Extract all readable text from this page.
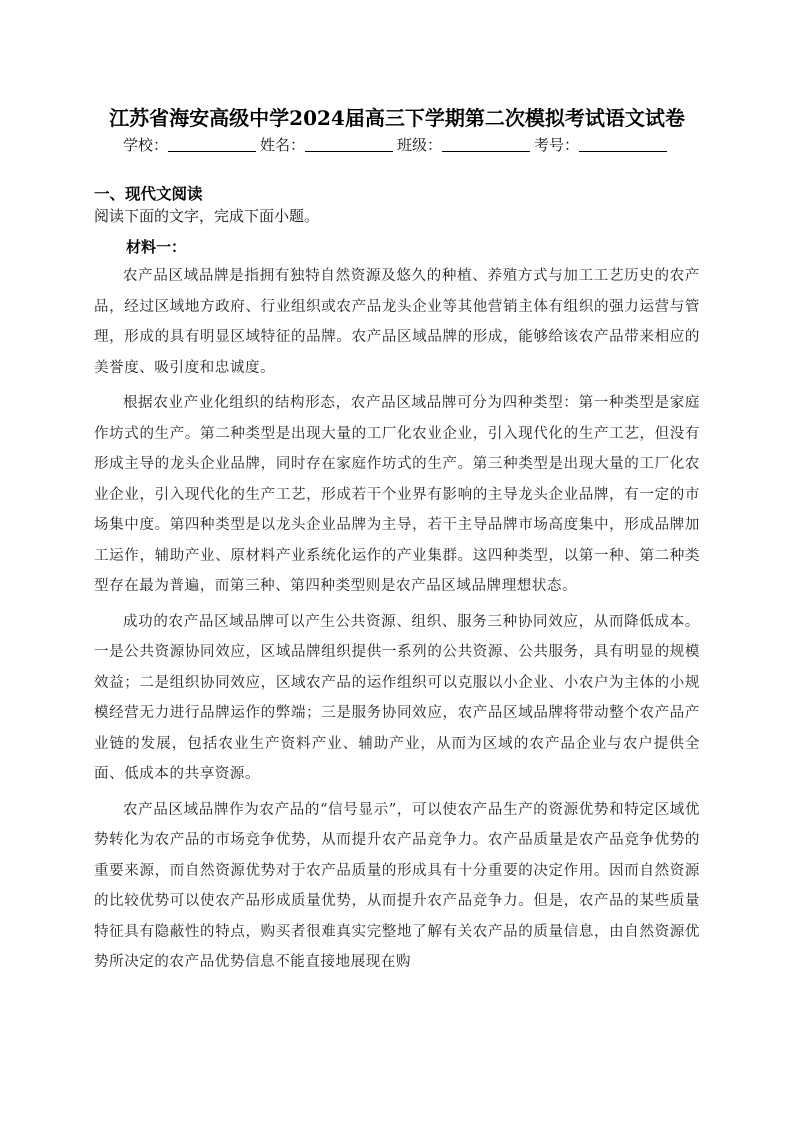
江苏省海安高级中学2024届高三下学期第二次模拟考试语文试卷
学校：	姓名：	班级：	考号：
一、现代文阅读
阅读下面的文字，完成下面小题。
材料一：

农产品区域品牌是指拥有独特自然资源及悠久的种植、养殖方式与加工工艺历史的农产品，经过区域地方政府、行业组织或农产品龙头企业等其他营销主体有组织的强力运营与管理，形成的具有明显区域特征的品牌。农产品区域品牌的形成，能够给该农产品带来相应的美誉度、吸引度和忠诚度。

根据农业产业化组织的结构形态，农产品区域品牌可分为四种类型：第一种类型是家庭作坊式的生产。第二种类型是出现大量的工厂化农业企业，引入现代化的生产工艺，但没有形成主导的龙头企业品牌，同时存在家庭作坊式的生产。第三种类型是出现大量的工厂化农业企业，引入现代化的生产工艺，形成若干个业界有影响的主导龙头企业品牌，有一定的市场集中度。第四种类型是以龙头企业品牌为主导，若干主导品牌市场高度集中，形成品牌加工运作，辅助产业、原材料产业系统化运作的产业集群。这四种类型，以第一种、第二种类型存在最为普遍，而第三种、第四种类型则是农产品区域品牌理想状态。

成功的农产品区域品牌可以产生公共资源、组织、服务三种协同效应，从而降低成本。一是公共资源协同效应，区域品牌组织提供一系列的公共资源、公共服务，具有明显的规模效益；二是组织协同效应，区域农产品的运作组织可以克服以小企业、小农户为主体的小规模经营无力进行品牌运作的弊端；三是服务协同效应，农产品区域品牌将带动整个农产品产业链的发展，包括农业生产资料产业、辅助产业，从而为区域的农产品企业与农户提供全面、低成本的共享资源。

农产品区域品牌作为农产品的“信号显示”，可以使农产品生产的资源优势和特定区域优势转化为农产品的市场竞争优势，从而提升农产品竞争力。农产品质量是农产品竞争优势的重要来源，而自然资源优势对于农产品质量的形成具有十分重要的决定作用。因而自然资源的比较优势可以使农产品形成质量优势，从而提升农产品竞争力。但是，农产品的某些质量特征具有隐蔽性的特点，购买者很难真实完整地了解有关农产品的质量信息，由自然资源优势所决定的农产品优势信息不能直接地展现在购
